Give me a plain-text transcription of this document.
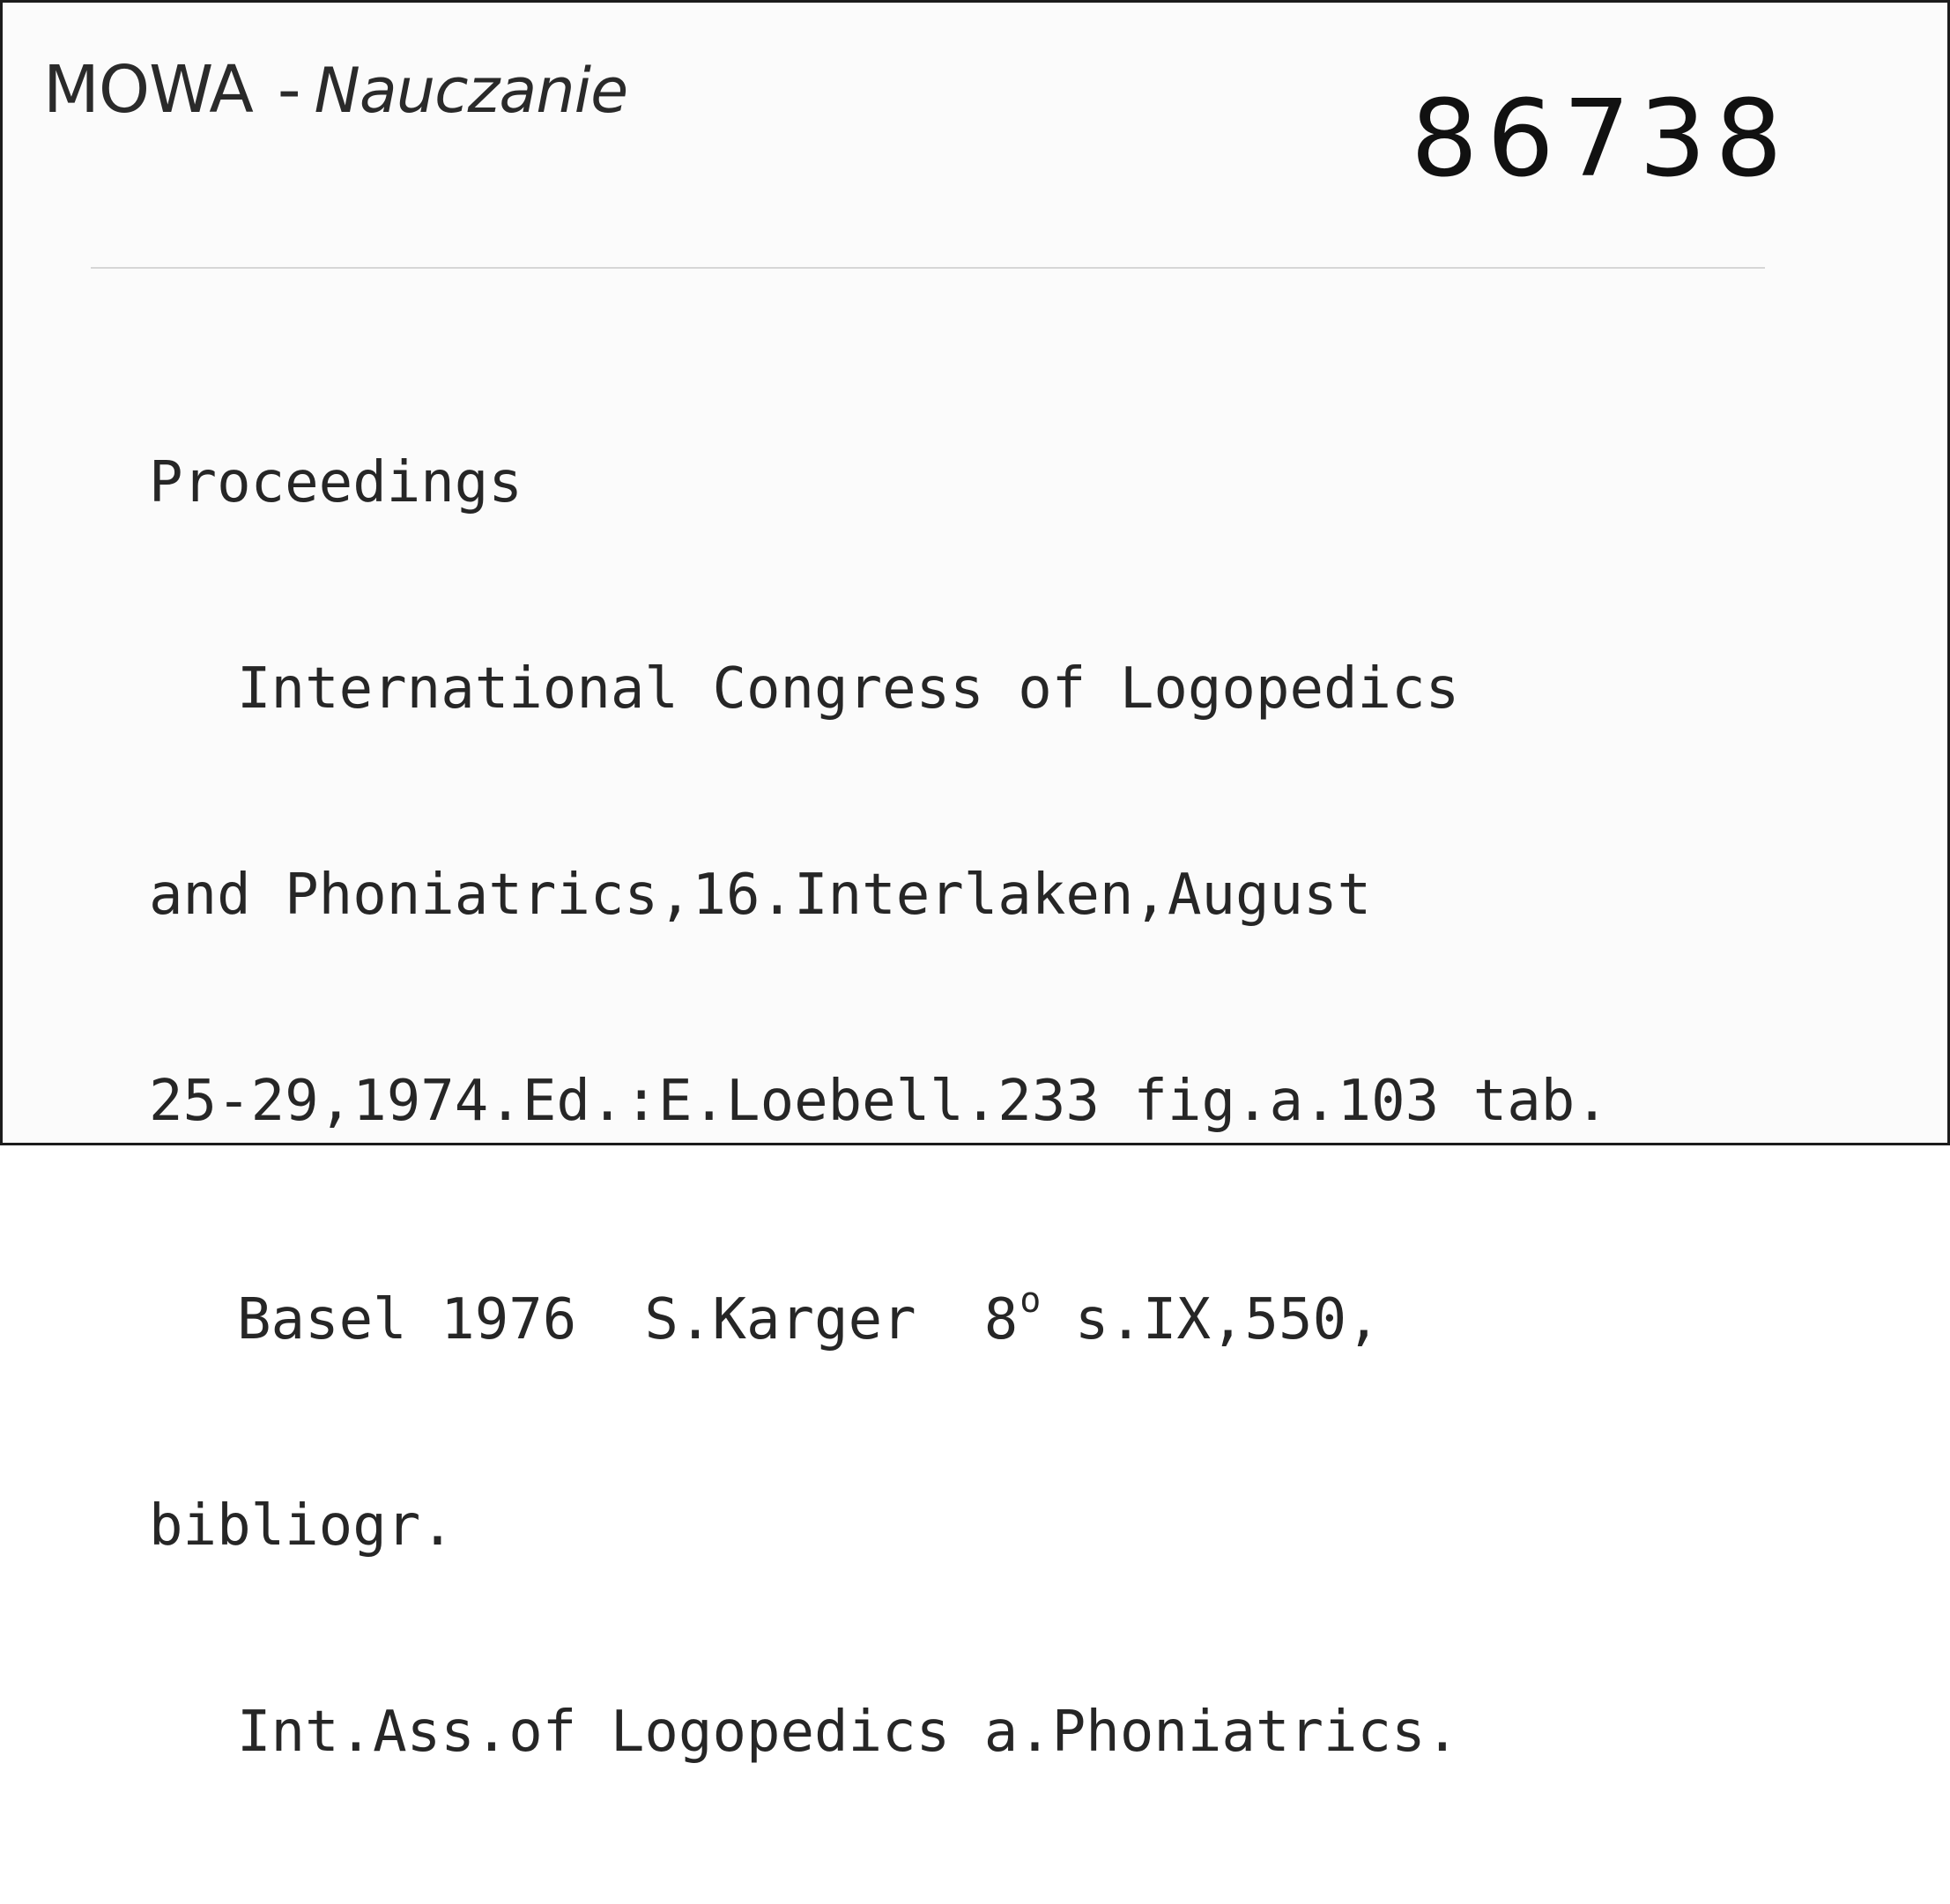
MOWA - Nauczanie	86738

Proceedings

International Congress of Logopedics

and Phoniatrics,16.Interlaken,August

25-29,1974.Ed.:E.Loebell.233 fig.a.103 tab.

Basel 1976  S.Karger  8$^o$ s.IX,550,

bibliogr.

Int.Ass.of Logopedics a.Phoniatrics.
